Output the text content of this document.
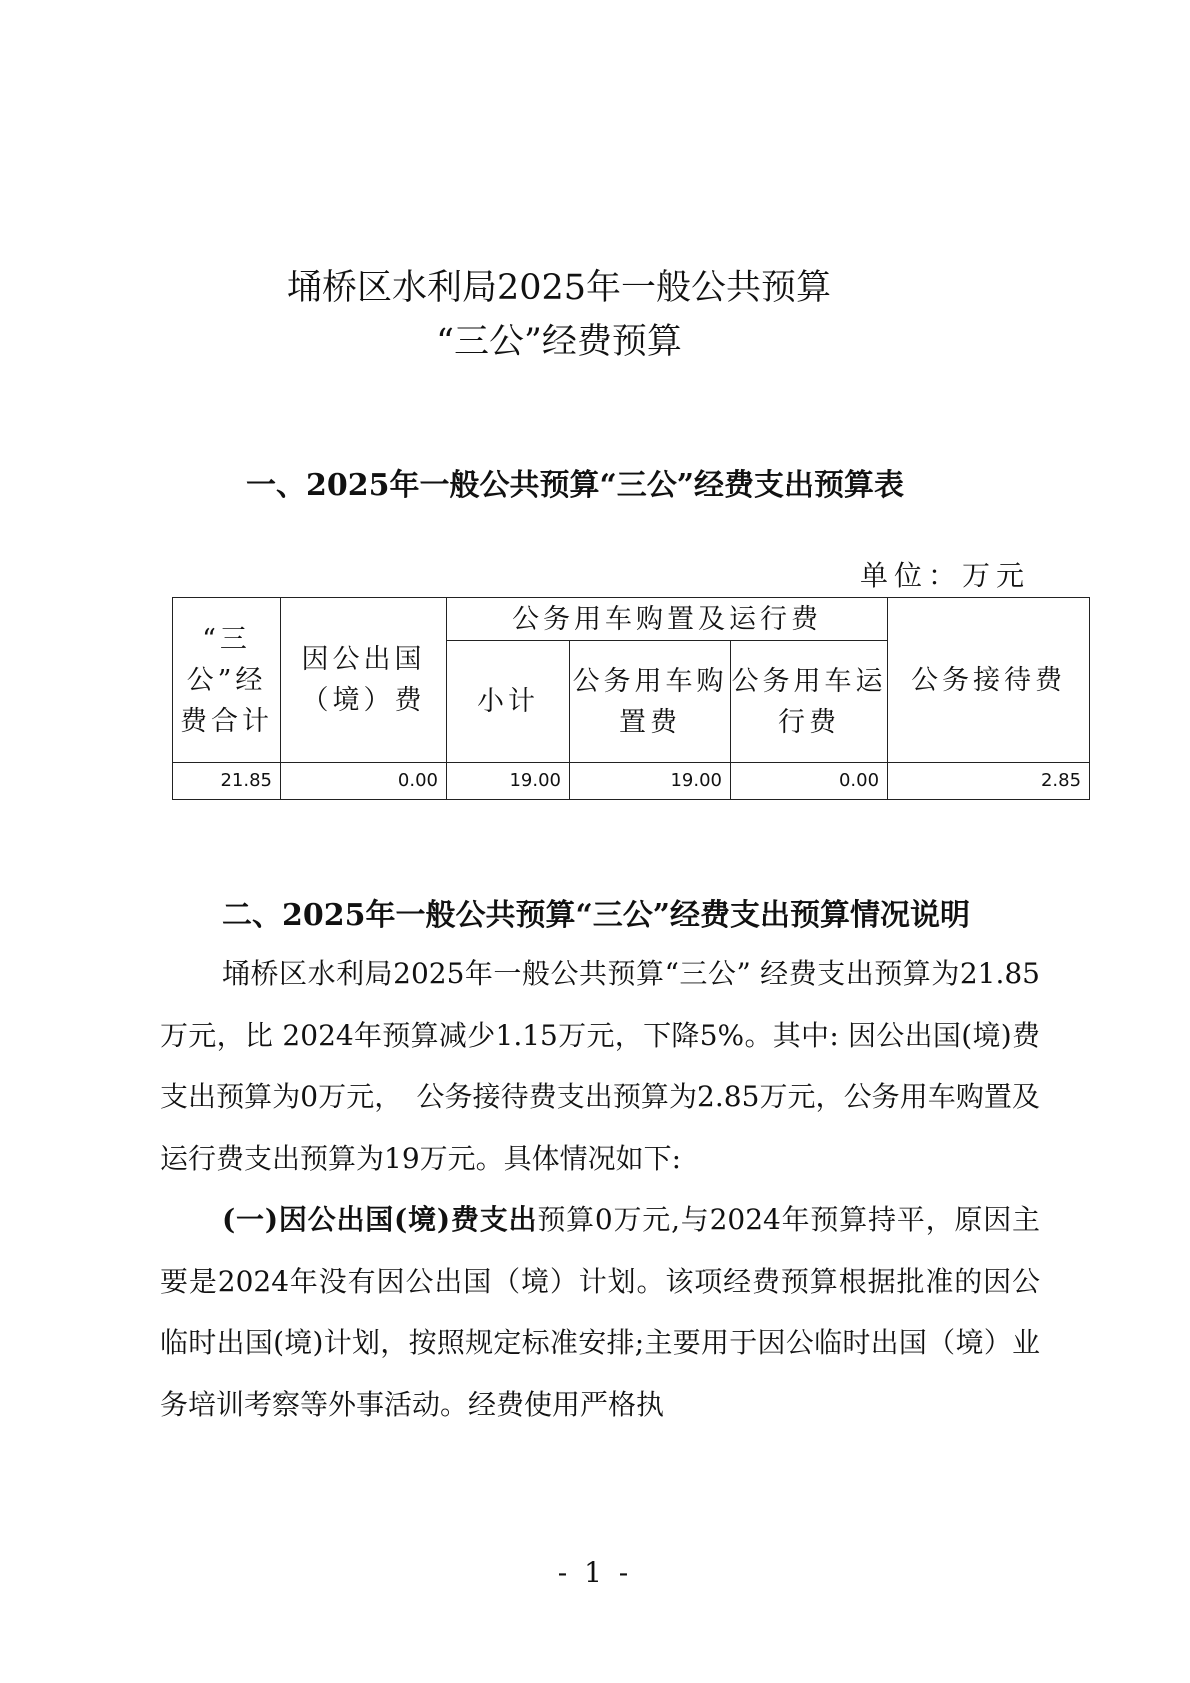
埇桥区水利局2025年一般公共预算
“三公”经费预算
一、2025年一般公共预算“三公”经费支出预算表
单位：万元
“三公”经费合计	因公出国（境）费	公务用车购置及运行费			公务接待费
		小计	公务用车购置费	公务用车运行费	
21.85	0.00	19.00	19.00	0.00	2.85
二、2025年一般公共预算“三公”经费支出预算情况说明

埇桥区水利局2025年一般公共预算“三公” 经费支出预算为21.85万元，比 2024年预算减少1.15万元，下降5%。其中: 因公出国(境)费支出预算为0万元，　公务接待费支出预算为2.85万元，公务用车购置及运行费支出预算为19万元。具体情况如下:

(一)因公出国(境)费支出预算0万元,与2024年预算持平，原因主要是2024年没有因公出国（境）计划。该项经费预算根据批准的因公临时出国(境)计划，按照规定标准安排;主要用于因公临时出国（境）业务培训考察等外事活动。经费使用严格执

- 1 -
